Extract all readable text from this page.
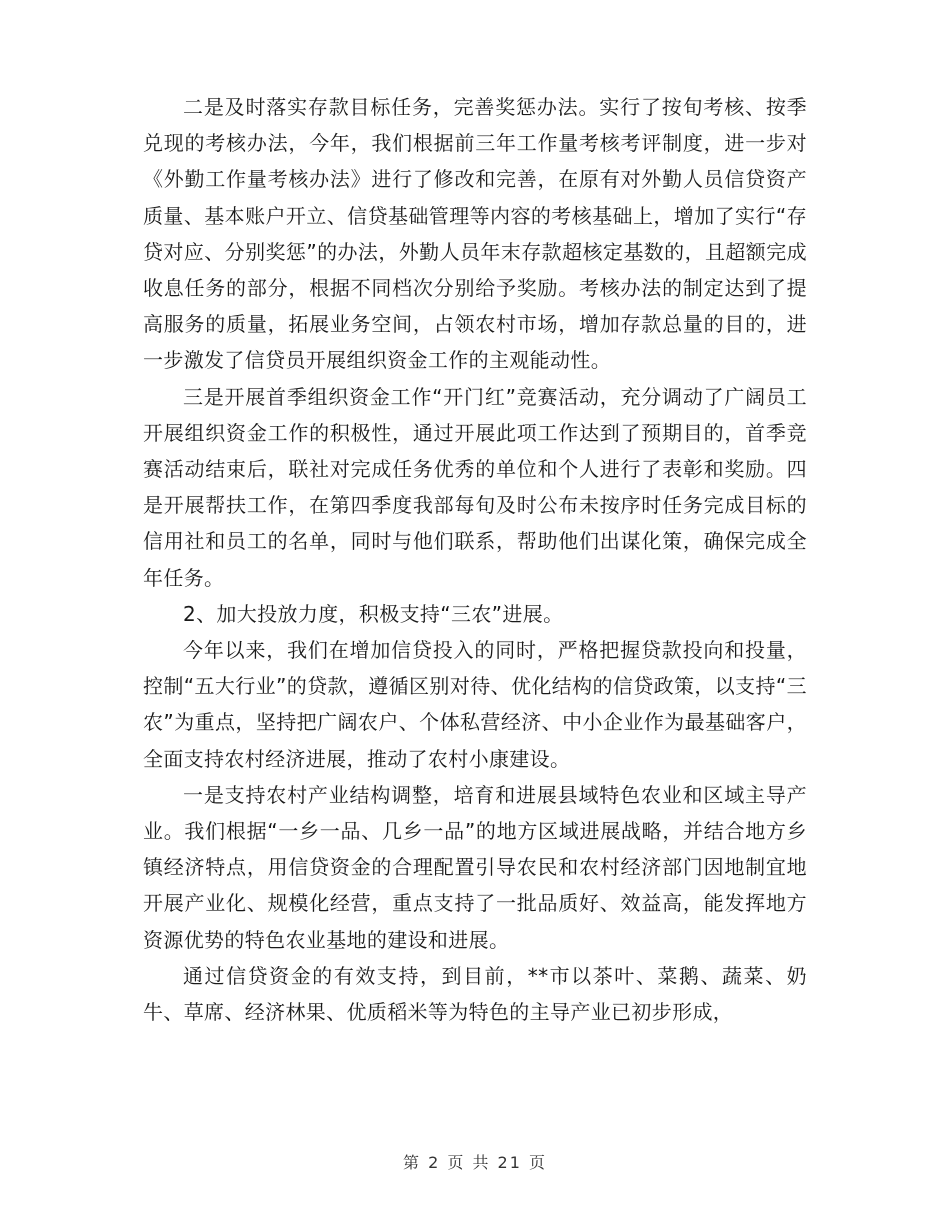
二是及时落实存款目标任务，完善奖惩办法。实行了按旬考核、按季兑现的考核办法，今年，我们根据前三年工作量考核考评制度，进一步对《外勤工作量考核办法》进行了修改和完善，在原有对外勤人员信贷资产质量、基本账户开立、信贷基础管理等内容的考核基础上，增加了实行“存贷对应、分别奖惩”的办法，外勤人员年末存款超核定基数的，且超额完成收息任务的部分，根据不同档次分别给予奖励。考核办法的制定达到了提高服务的质量，拓展业务空间，占领农村市场，增加存款总量的目的，进一步激发了信贷员开展组织资金工作的主观能动性。

三是开展首季组织资金工作“开门红”竞赛活动，充分调动了广阔员工开展组织资金工作的积极性，通过开展此项工作达到了预期目的，首季竞赛活动结束后，联社对完成任务优秀的单位和个人进行了表彰和奖励。四是开展帮扶工作，在第四季度我部每旬及时公布未按序时任务完成目标的信用社和员工的名单，同时与他们联系，帮助他们出谋化策，确保完成全年任务。

2、加大投放力度，积极支持“三农”进展。

今年以来，我们在增加信贷投入的同时，严格把握贷款投向和投量，控制“五大行业”的贷款，遵循区别对待、优化结构的信贷政策，以支持“三农”为重点，坚持把广阔农户、个体私营经济、中小企业作为最基础客户，全面支持农村经济进展，推动了农村小康建设。

一是支持农村产业结构调整，培育和进展县域特色农业和区域主导产业。我们根据“一乡一品、几乡一品”的地方区域进展战略，并结合地方乡镇经济特点，用信贷资金的合理配置引导农民和农村经济部门因地制宜地开展产业化、规模化经营，重点支持了一批品质好、效益高，能发挥地方资源优势的特色农业基地的建设和进展。

通过信贷资金的有效支持，到目前，**市以茶叶、菜鹅、蔬菜、奶牛、草席、经济林果、优质稻米等为特色的主导产业已初步形成，

第 2 页 共 21 页
